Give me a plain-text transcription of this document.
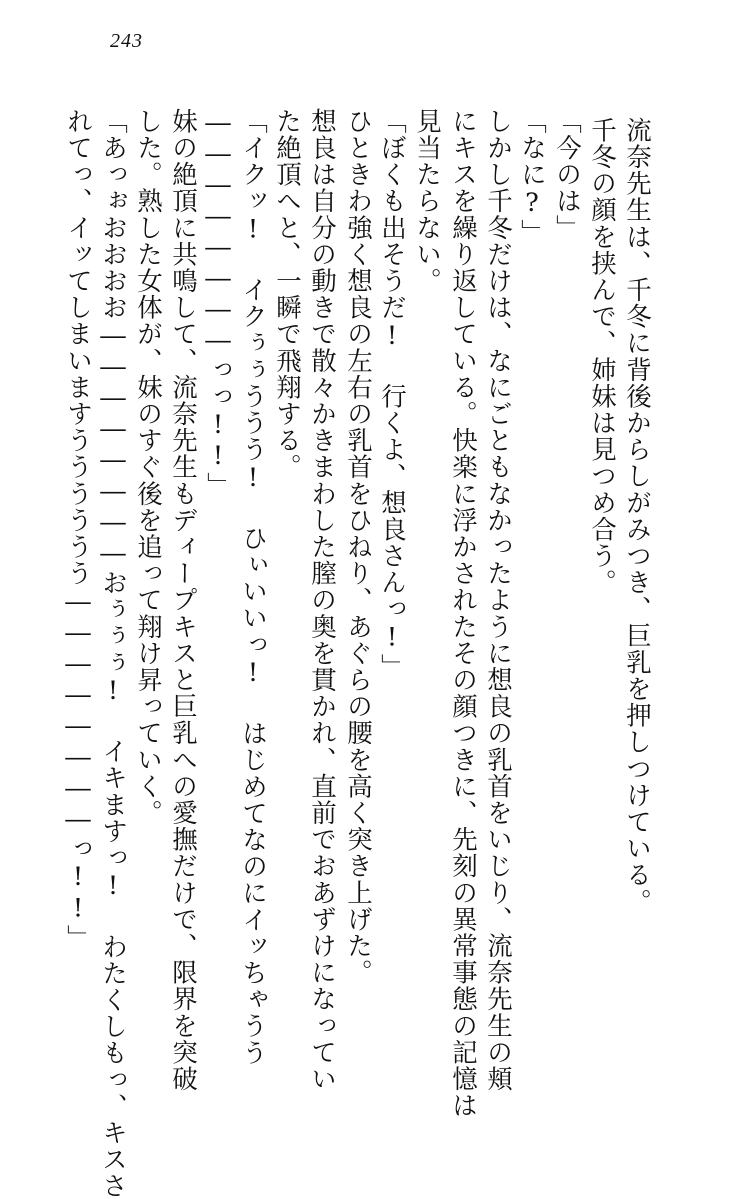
243
流奈先生は、千冬に背後からしがみつき、巨乳を押しつけている。
千冬の顔を挟んで、姉妹は見つめ合う。
「今のは」
「なに?」
しかし千冬だけは、なにごともなかったように想良の乳首をいじり、流奈先生の頬
にキスを繰り返している。快楽に浮かされたその顔つきに、先刻の異常事態の記憶は
見当たらない。
「ぼくも出そうだ! 行くよ、想良さんっ!」
ひときわ強く想良の左右の乳首をひねり、あぐらの腰を高く突き上げた。
想良は自分の動きで散々かきまわした膣の奥を貫かれ、直前でおあずけになってい
た絶頂へと、一瞬で飛翔する。
「イクッ! イクぅぅううう! ひぃいいっ! はじめてなのにイッちゃうう
――――――――っっ!!」
妹の絶頂に共鳴して、流奈先生もディープキスと巨乳への愛撫だけで、限界を突破
した。熟した女体が、妹のすぐ後を追って翔け昇っていく。
「あっぉおおおお――――――――おぅぅぅ! イキますっ! わたくしもっ、キスさ
れてっ、イッてしまいますうううううう――――――――っ!!」
